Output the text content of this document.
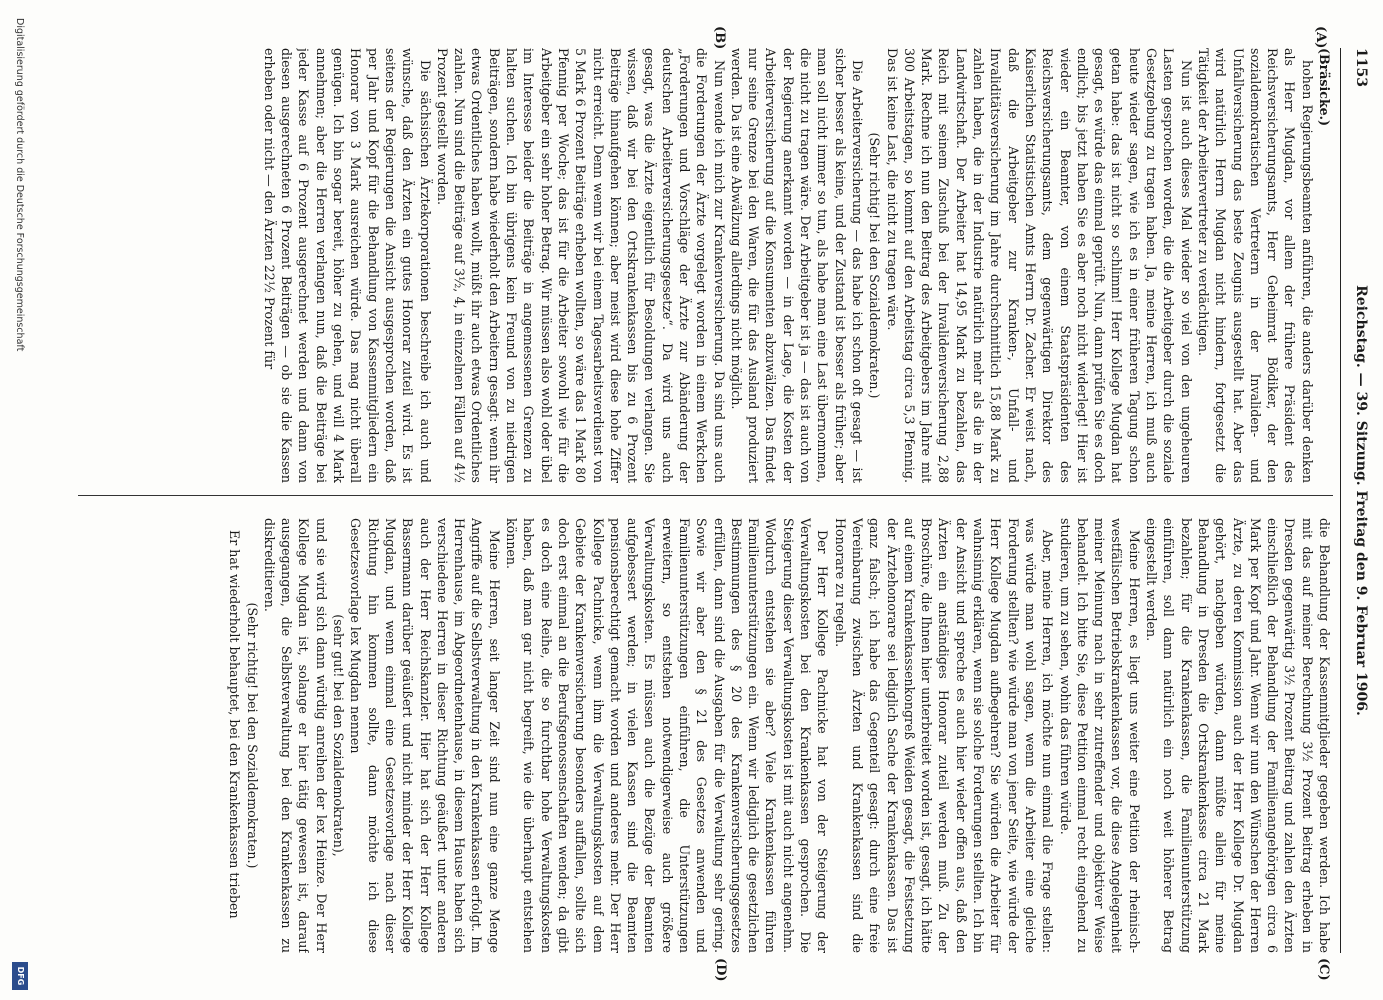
1153
Reichstag. — 39. Sitzung. Freitag den 9. Februar 1906.

(Bräsicke.)

hohen Regierungsbeamten anführen, die anders darüber denken als Herr Mugdan, vor allem der frühere Präsident des Reichsversicherungsamts, Herr Geheimrat Bödiker, der den sozialdemokratischen Vertretern in der Invaliden- und Unfallversicherung das beste Zeugnis ausgestellt hat. Aber das wird natürlich Herrn Mugdan nicht hindern, fortgesetzt die Tätigkeit der Arbeitervertreter zu verdächtigen.

Nun ist auch dieses Mal wieder so viel von den ungeheuren Lasten gesprochen worden, die die Arbeitgeber durch die soziale Gesetzgebung zu tragen haben. Ja, meine Herren, ich muß auch heute wieder sagen, wie ich es in einer früheren Tagung schon getan habe: das ist nicht so schlimm! Herr Kollege Mugdan hat gesagt, es würde das einmal geprüft. Nun, dann prüfen Sie es doch endlich; bis jetzt haben Sie es aber noch nicht widerlegt! Hier ist wieder ein Beamter, von einem Staatspräsidenten des Reichsversicherungsamts, dem gegenwärtigen Direktor des Kaiserlichen Statistischen Amts Herrn Dr. Zacher. Er weist nach, daß die Arbeitgeber zur Kranken-, Unfall- und Invaliditätsversicherung im Jahre durchschnittlich 15,88 Mark zu zahlen haben, die in der Industrie natürlich mehr als die in der Landwirtschaft. Der Arbeiter hat 14,95 Mark zu bezahlen, das Reich mit seinem Zuschuß bei der Invalidenversicherung 2,88 Mark. Rechne ich nun den Beitrag des Arbeitgebers im Jahre mit 300 Arbeitstagen, so kommt auf den Arbeitstag circa 5,3 Pfennig. Das ist keine Last, die nicht zu tragen wäre.

(Sehr richtig! bei den Sozialdemokraten.)

Die Arbeiterversicherung — das habe ich schon oft gesagt — ist sicher besser als keine, und der Zustand ist besser als früher; aber man soll nicht immer so tun, als habe man eine Last übernommen, die nicht zu tragen wäre. Der Arbeitgeber ist ja — das ist auch von der Regierung anerkannt worden — in der Lage, die Kosten der Arbeiterversicherung auf die Konsumenten abzuwälzen. Das findet nur seine Grenze bei den Waren, die für das Ausland produziert werden. Da ist eine Abwälzung allerdings nicht möglich.

Nun wende ich mich zur Krankenversicherung. Da sind uns auch die Forderungen der Ärzte vorgelegt worden in einem Werkchen „Forderungen und Vorschläge der Ärzte zur Abänderung der deutschen Arbeiterversicherungsgesetze“. Da wird uns auch gesagt, was die Ärzte eigentlich für Besoldungen verlangen. Sie wissen, daß wir bei den Ortskrankenkassen bis zu 6 Prozent Beiträge hinaufgehen können; aber meist wird diese hohe Ziffer nicht erreicht. Denn wenn wir bei einem Tagesarbeitsverdienst von 5 Mark 6 Prozent Beiträge erheben wollten, so wäre das 1 Mark 80 Pfennig per Woche; das ist für die Arbeiter sowohl wie für die Arbeitgeber ein sehr hoher Betrag. Wir müssen also wohl oder übel im Interesse beider die Beiträge in angemessenen Grenzen zu halten suchen. Ich bin übrigens kein Freund von zu niedrigen Beiträgen, sondern habe wiederholt den Arbeitern gesagt: wenn ihr etwas Ordentliches haben wollt, müßt ihr auch etwas Ordentliches zahlen. Nun sind die Beiträge auf 3½, 4, in einzelnen Fällen auf 4½ Prozent gestellt worden.

Die sächsischen Ärztekorporationen beschreibe ich auch und wünsche, daß den Ärzten ein gutes Honorar zuteil wird. Es ist seitens der Regierungen die Ansicht ausgesprochen worden, daß per Jahr und Kopf für die Behandlung von Kassenmitgliedern ein Honorar von 3 Mark ausreichen würde. Das mag nicht überall genügen. Ich bin sogar bereit, höher zu gehen, und will 4 Mark annehmen; aber die Herren verlangen nun, daß die Beiträge bei jeder Kasse auf 6 Prozent ausgerechnet werden und dann von diesen ausgerechneten 6 Prozent Beiträgen — ob sie die Kassen erheben oder nicht — den Ärzten 22½ Prozent für

die Behandlung der Kassenmitglieder gegeben werden. Ich habe mit das auf meiner Berechnung 3½ Prozent Beitrag erheben in Dresden gegenwärtig 3½ Prozent Beitrag und zahlen den Ärzten einschließlich der Behandlung der Familienangehörigen circa 6 Mark per Kopf und Jahr. Wenn wir nun den Wünschen der Herren Ärzte, zu deren Kommission auch der Herr Kollege Dr. Mugdan gehört, nachgeben würden, dann müßte allein für meine Behandlung in Dresden die Ortskrankenkasse circa 21 Mark bezahlen; für die Krankenkassen, die Familienunterstützung einführen, soll dann natürlich ein noch weit höherer Betrag eingestellt werden.

Meine Herren, es liegt uns weiter eine Petition der rheinisch-westfälischen Betriebskrankenkassen vor, die diese Angelegenheit meiner Meinung nach in sehr zutreffender und objektiver Weise behandelt. Ich bitte Sie, diese Petition einmal recht eingehend zu studieren, um zu sehen, wohin das führen würde.

Aber, meine Herren, ich möchte nun einmal die Frage stellen: was würde man wohl sagen, wenn die Arbeiter eine gleiche Forderung stellten? wie würde man von jener Seite, wie würde der Herr Kollege Mugdan aufbegehren? Sie würden die Arbeiter für wahnsinnig erklären, wenn sie solche Forderungen stellten. Ich bin der Ansicht und spreche es auch hier wieder offen aus, daß den Ärzten ein anständiges Honorar zuteil werden muß. Zu der Broschüre, die Ihnen hier unterbreitet worden ist, gesagt, ich hätte auf einem Krankenkassenkongreß Weiden gesagt, die Festsetzung der Ärztehonorare sei lediglich Sache der Krankenkassen. Das ist ganz falsch; ich habe das Gegenteil gesagt: durch eine freie Vereinbarung zwischen Ärzten und Krankenkassen sind die Honorare zu regeln.

Der Herr Kollege Pachnicke hat von der Steigerung der Verwaltungskosten bei den Krankenkassen gesprochen. Die Steigerung dieser Verwaltungskosten ist mit auch nicht angenehm. Wodurch entstehen sie aber? Viele Krankenkassen führen Familienunterstützungen ein. Wenn wir lediglich die gesetzlichen Bestimmungen des § 20 des Krankenversicherungsgesetzes erfüllen, dann sind die Ausgaben für die Verwaltung sehr gering. Sowie wir aber den § 21 des Gesetzes anwenden und Familienunterstützungen einführen, die Unterstützungen erweitern, so entstehen notwendigerweise auch größere Verwaltungskosten. Es müssen auch die Bezüge der Beamten aufgebessert werden; in vielen Kassen sind die Beamten pensionsberechtigt gemacht worden und anderes mehr. Der Herr Kollege Pachnicke, wenn ihm die Verwaltungskosten auf dem Gebiete der Krankenversicherung besonders auffallen, sollte sich doch erst einmal an die Berufsgenossenschaften wenden; da gibt es doch eine Reihe, die so furchtbar hohe Verwaltungskosten haben, daß man gar nicht begreift, wie die überhaupt entstehen können.

Meine Herren, seit langer Zeit sind nun eine ganze Menge Angriffe auf die Selbstverwaltung in den Krankenkassen erfolgt. Im Herrenhause, im Abgeordnetenhause, in diesem Hause haben sich verschiedene Herren in dieser Richtung geäußert unter anderen auch der Herr Reichskanzler. Hier hat sich der Herr Kollege Bassermann darüber geäußert und nicht minder der Herr Kollege Mugdan, und wenn einmal eine Gesetzesvorlage nach dieser Richtung hin kommen sollte, dann möchte ich diese Gesetzesvorlage lex Mugdan nennen

(sehr gut! bei den Sozialdemokraten),

und sie wird sich dann würdig anreihen der lex Heinze. Der Herr Kollege Mugdan ist, solange er hier tätig gewesen ist, darauf ausgegangen, die Selbstverwaltung bei den Krankenkassen zu diskreditieren.

(Sehr richtig! bei den Sozialdemokraten.)

Er hat wiederholt behauptet, bei den Krankenkassen trieben

(A)
(B)
(C)
(D)
Digitalisierung gefördert durch die Deutsche Forschungsgemeinschaft
DFG
